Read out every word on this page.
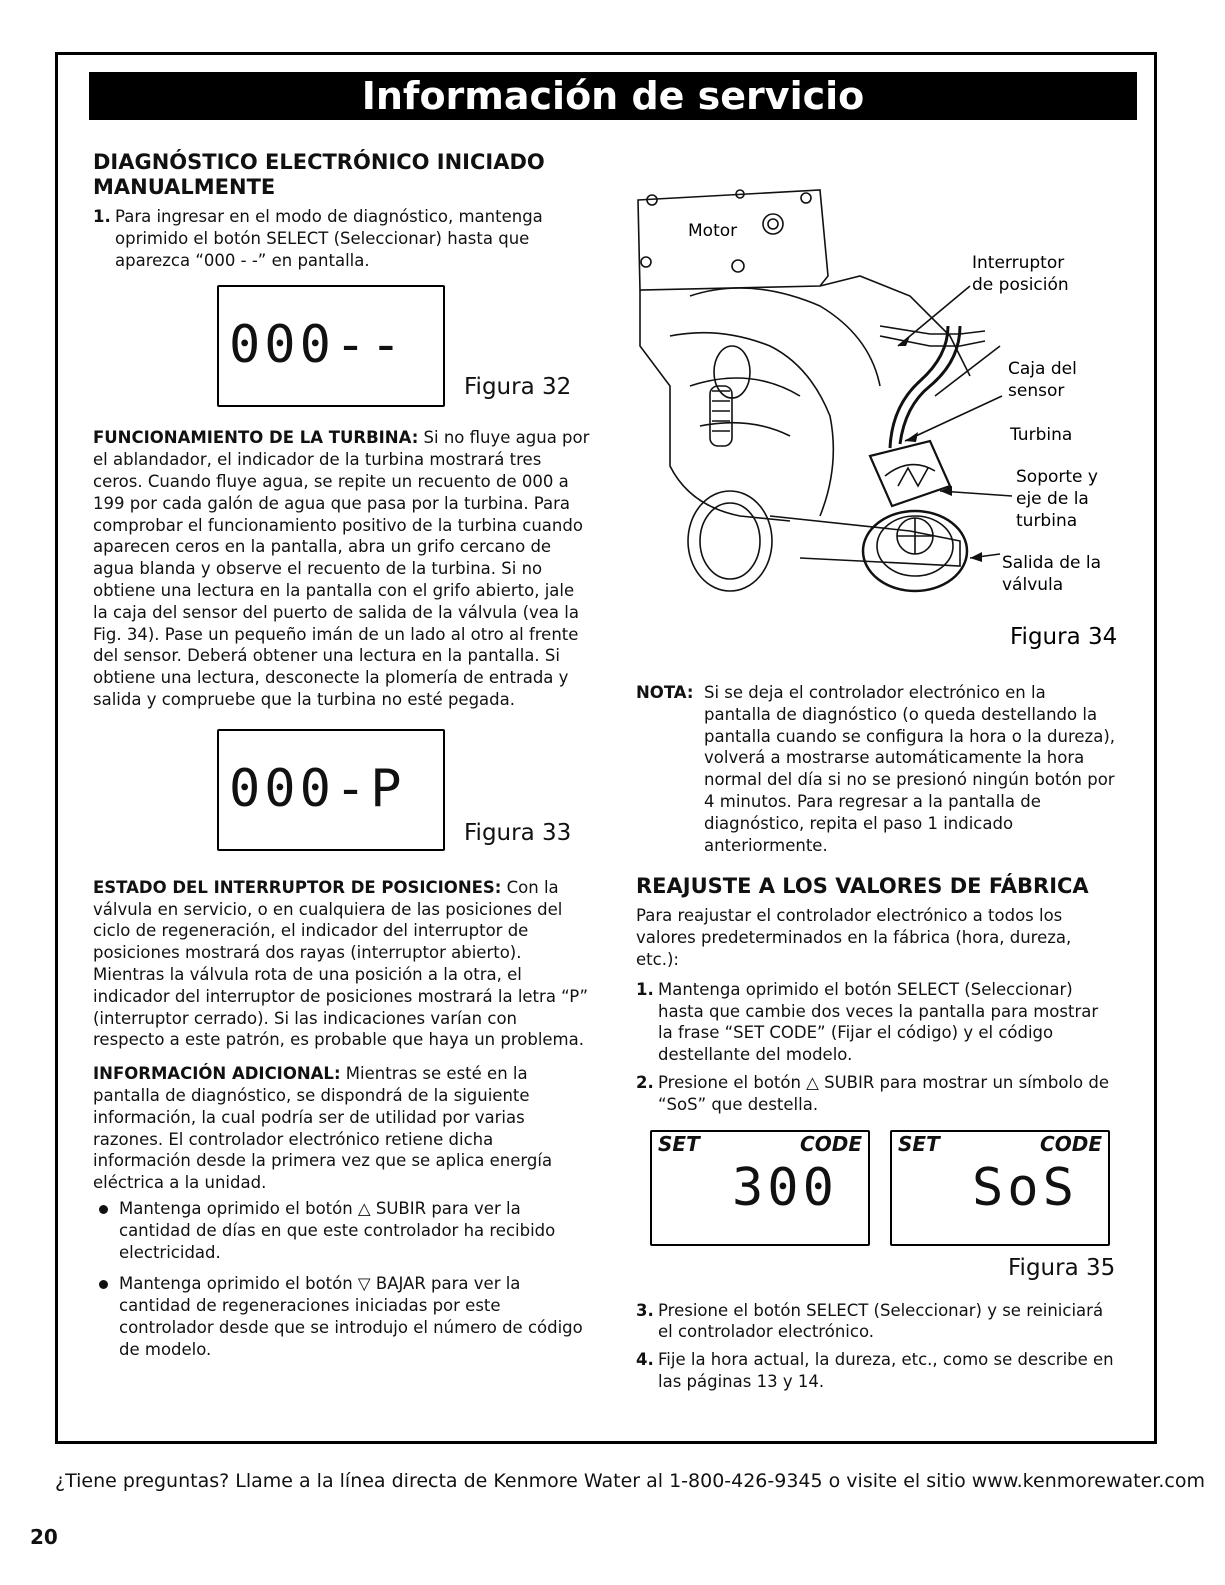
Información de servicio
DIAGNÓSTICO ELECTRÓNICO INICIADO MANUALMENTE
1. Para ingresar en el modo de diagnóstico, mantenga oprimido el botón SELECT (Seleccionar) hasta que aparezca “000 - -” en pantalla.
000--
Figura 32

FUNCIONAMIENTO DE LA TURBINA: Si no fluye agua por el ablandador, el indicador de la turbina mostrará tres ceros. Cuando fluye agua, se repite un recuento de 000 a 199 por cada galón de agua que pasa por la turbina. Para comprobar el funcionamiento positivo de la turbina cuando aparecen ceros en la pantalla, abra un grifo cercano de agua blanda y observe el recuento de la turbina. Si no obtiene una lectura en la pantalla con el grifo abierto, jale la caja del sensor del puerto de salida de la válvula (vea la Fig. 34). Pase un pequeño imán de un lado al otro al frente del sensor. Deberá obtener una lectura en la pantalla. Si obtiene una lectura, desconecte la plomería de entrada y salida y compruebe que la turbina no esté pegada.

000-P
Figura 33

ESTADO DEL INTERRUPTOR DE POSICIONES: Con la válvula en servicio, o en cualquiera de las posiciones del ciclo de regeneración, el indicador del interruptor de posiciones mostrará dos rayas (interruptor abierto). Mientras la válvula rota de una posición a la otra, el indicador del interruptor de posiciones mostrará la letra “P” (interruptor cerrado). Si las indicaciones varían con respecto a este patrón, es probable que haya un problema.

INFORMACIÓN ADICIONAL: Mientras se esté en la pantalla de diagnóstico, se dispondrá de la siguiente información, la cual podría ser de utilidad por varias razones. El controlador electrónico retiene dicha información desde la primera vez que se aplica energía eléctrica a la unidad.

Mantenga oprimido el botón △ SUBIR para ver la cantidad de días en que este controlador ha recibido electricidad.
Mantenga oprimido el botón ▽ BAJAR para ver la cantidad de regeneraciones iniciadas por este controlador desde que se introdujo el número de código de modelo.
Motor
Interruptor
de posición
Caja del
sensor
Turbina
Soporte y
eje de la
turbina
Salida de la
válvula
Figura 34
NOTA: Si se deja el controlador electrónico en la pantalla de diagnóstico (o queda destellando la pantalla cuando se configura la hora o la dureza), volverá a mostrarse automáticamente la hora normal del día si no se presionó ningún botón por 4 minutos. Para regresar a la pantalla de diagnóstico, repita el paso 1 indicado anteriormente.
REAJUSTE A LOS VALORES DE FÁBRICA

Para reajustar el controlador electrónico a todos los valores predeterminados en la fábrica (hora, dureza, etc.):

1. Mantenga oprimido el botón SELECT (Seleccionar) hasta que cambie dos veces la pantalla para mostrar la frase “SET CODE” (Fijar el código) y el código destellante del modelo.
2. Presione el botón △ SUBIR para mostrar un símbolo de “SoS” que destella.
SET	CODE
300
SET	CODE
SoS
Figura 35
3. Presione el botón SELECT (Seleccionar) y se reiniciará el controlador electrónico.
4. Fije la hora actual, la dureza, etc., como se describe en las páginas 13 y 14.
¿Tiene preguntas? Llame a la línea directa de Kenmore Water al 1-800-426-9345 o visite el sitio www.kenmorewater.com
20
